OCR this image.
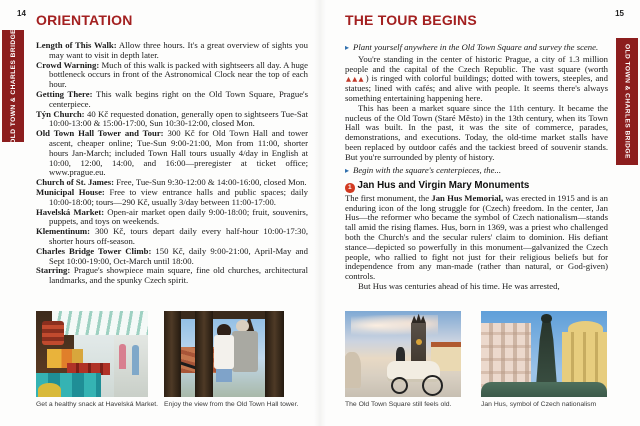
14
OLD TOWN & CHARLES BRIDGE
ORIENTATION

Length of This Walk: Allow three hours. It's a great overview of sights you may want to visit in depth later.

Crowd Warning: Much of this walk is packed with sightseers all day. A huge bottleneck occurs in front of the Astronomical Clock near the top of each hour.

Getting There: This walk begins right on the Old Town Square, Prague's centerpiece.

Týn Church: 40 Kč requested donation, generally open to sightseers Tue-Sat 10:00-13:00 & 15:00-17:00, Sun 10:30-12:00, closed Mon.

Old Town Hall Tower and Tour: 300 Kč for Old Town Hall and tower ascent, cheaper online; Tue-Sun 9:00-21:00, Mon from 11:00, shorter hours Jan-March; included Town Hall tours usually 4/day in English at 10:00, 12:00, 14:00, and 16:00—preregister at ticket office; www.prague.eu.

Church of St. James: Free, Tue-Sun 9:30-12:00 & 14:00-16:00, closed Mon.

Municipal House: Free to view entrance halls and public spaces; daily 10:00-18:00; tours—290 Kč, usually 3/day between 11:00-17:00.

Havelská Market: Open-air market open daily 9:00-18:00; fruit, souvenirs, puppets, and toys on weekends.

Klementinum: 300 Kč, tours depart daily every half-hour 10:00-17:30, shorter hours off-season.

Charles Bridge Tower Climb: 150 Kč, daily 9:00-21:00, April-May and Sept 10:00-19:00, Oct-March until 18:00.

Starring: Prague's showpiece main square, fine old churches, architectural landmarks, and the spunky Czech spirit.

Get a healthy snack at Havelská Market. Enjoy the view from the Old Town Hall tower.
15
OLD TOWN & CHARLES BRIDGE
THE TOUR BEGINS

▸ Plant yourself anywhere in the Old Town Square and survey the scene.

You're standing in the center of historic Prague, a city of 1.3 million people and the capital of the Czech Republic. The vast square (worth ▲▲▲) is ringed with colorful buildings; dotted with towers, steeples, and statues; lined with cafés; and alive with people. It seems there's always something entertaining happening here.

This has been a market square since the 11th century. It became the nucleus of the Old Town (Staré Město) in the 13th century, when its Town Hall was built. In the past, it was the site of commerce, parades, demonstrations, and executions. Today, the old-time market stalls have been replaced by outdoor cafés and the tackiest breed of souvenir stands. But you're surrounded by plenty of history.

▸ Begin with the square's centerpieces, the...

1 Jan Hus and Virgin Mary Monuments

The first monument, the Jan Hus Memorial, was erected in 1915 and is an enduring icon of the long struggle for (Czech) freedom. In the center, Jan Hus—the reformer who became the symbol of Czech nationalism—stands tall amid the rising flames. Hus, born in 1369, was a priest who challenged both the Church's and the secular rulers' claim to dominion. His defiant stance—depicted so powerfully in this monument—galvanized the Czech people, who rallied to fight not just for their religious beliefs but for independence from any man-made (rather than natural, or God-given) controls.

But Hus was centuries ahead of his time. He was arrested,

The Old Town Square still feels old.	Jan Hus, symbol of Czech nationalism
